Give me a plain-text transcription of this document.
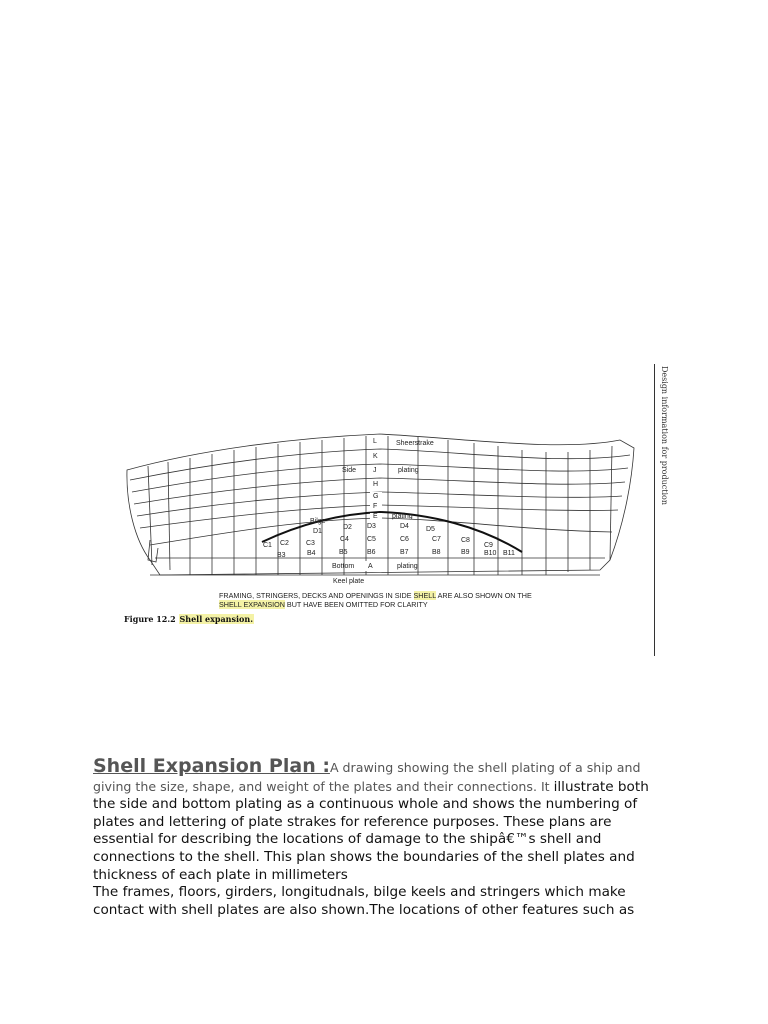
L	Sheerstrake
K
Side J	plating
H
G
F
E
Bilge
plating
D1
D2 D3	D4 D5
C1 C2 C3
C4	C5	C6	C7	C8
C9
B3	B4	B5	B6	B7	B8	B9 B10 B11
Bottom A	plating
Keel plate
Design information for production
FRAMING, STRINGERS, DECKS AND OPENINGS IN SIDE SHELL ARE ALSO SHOWN ON THE
SHELL EXPANSION BUT HAVE BEEN OMITTED FOR CLARITY
Figure 12.2 Shell expansion.
Shell Expansion Plan :A drawing showing the shell plating of a ship and giving the size, shape, and weight of the plates and their connections. It illustrate both the side and bottom plating as a continuous whole and shows the numbering of plates and lettering of plate strakes for reference purposes. These plans are essential for describing the locations of damage to the shipâ€™s shell and connections to the shell. This plan shows the boundaries of the shell plates and thickness of each plate in millimeters
The frames, floors, girders, longitudnals, bilge keels and stringers which make contact with shell plates are also shown.The locations of other features such as
